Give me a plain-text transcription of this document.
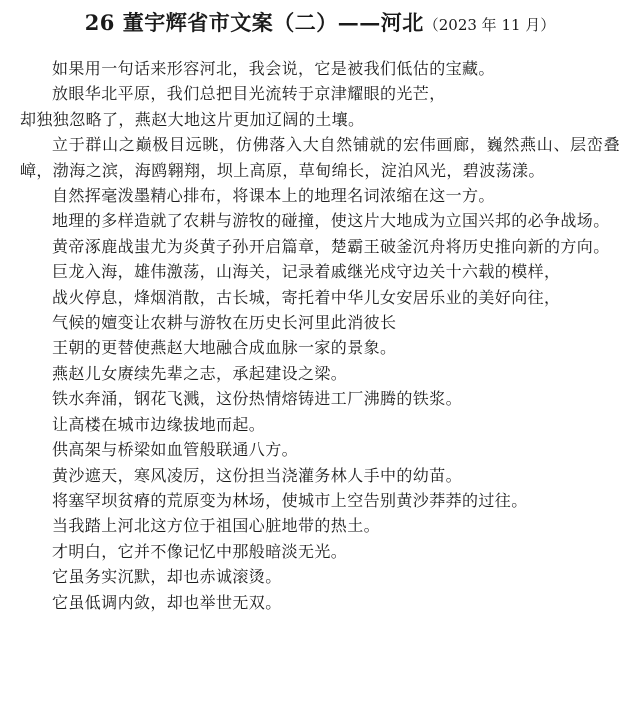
26 董宇辉省市文案（二）——河北（2023 年 11 月）

如果用一句话来形容河北，我会说，它是被我们低估的宝藏。

放眼华北平原，我们总把目光流转于京津耀眼的光芒，

却独独忽略了，燕赵大地这片更加辽阔的土壤。

立于群山之巅极目远眺，仿佛落入大自然铺就的宏伟画廊，巍然燕山、层峦叠嶂，渤海之滨，海鸥翱翔，坝上高原，草甸绵长，淀泊风光，碧波荡漾。

自然挥毫泼墨精心排布，将课本上的地理名词浓缩在这一方。

地理的多样造就了农耕与游牧的碰撞，使这片大地成为立国兴邦的必争战场。

黄帝涿鹿战蚩尤为炎黄子孙开启篇章，楚霸王破釜沉舟将历史推向新的方向。

巨龙入海，雄伟激荡，山海关，记录着戚继光戍守边关十六载的模样，

战火停息，烽烟消散，古长城，寄托着中华儿女安居乐业的美好向往，

气候的嬗变让农耕与游牧在历史长河里此消彼长

王朝的更替使燕赵大地融合成血脉一家的景象。

燕赵儿女赓续先辈之志，承起建设之梁。

铁水奔涌，钢花飞溅，这份热情熔铸进工厂沸腾的铁浆。

让高楼在城市边缘拔地而起。

供高架与桥梁如血管般联通八方。

黄沙遮天，寒风凌厉，这份担当浇灌务林人手中的幼苗。

将塞罕坝贫瘠的荒原变为林场，使城市上空告别黄沙莽莽的过往。

当我踏上河北这方位于祖国心脏地带的热土。

才明白，它并不像记忆中那般暗淡无光。

它虽务实沉默，却也赤诚滚烫。

它虽低调内敛，却也举世无双。
